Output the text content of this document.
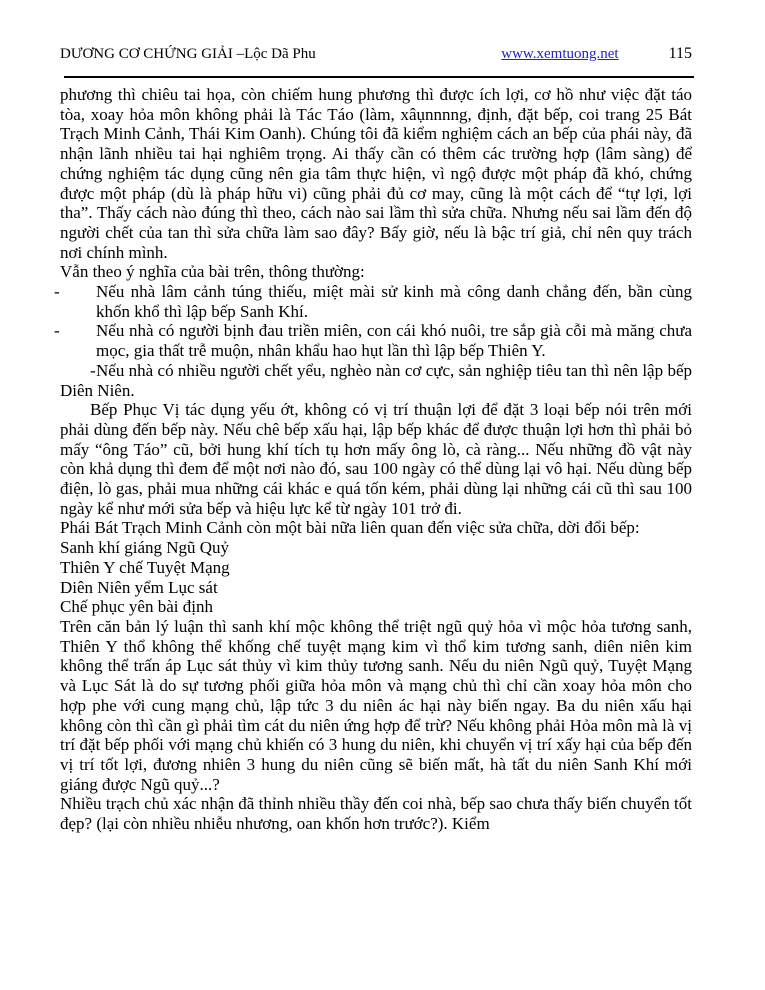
DƯƠNG CƠ CHỨNG GIẢI –Lộc Dã Phu	www.xemtuong.net	115

phương thì chiêu tai họa, còn chiếm hung phương thì được ích lợi, cơ hồ như việc đặt táo tòa, xoay hỏa môn không phải là Tác Táo (làm, xâụnnnng, định, đặt bếp, coi trang 25 Bát Trạch Minh Cảnh, Thái Kim Oanh). Chúng tôi đã kiểm nghiệm cách an bếp của phái này, đã nhận lãnh nhiều tai hại nghiêm trọng. Ai thấy cần có thêm các trường hợp (lâm sàng) để chứng nghiệm tác dụng cũng nên gia tâm thực hiện, vì ngộ được một pháp đã khó, chứng được một pháp (dù là pháp hữu vi) cũng phải đủ cơ may, cũng là một cách để “tự lợi, lợi tha”. Thấy cách nào đúng thì theo, cách nào sai lầm thì sửa chữa. Nhưng nếu sai lầm đến độ người chết của tan thì sửa chữa làm sao đây? Bấy giờ, nếu là bậc trí giả, chỉ nên quy trách nơi chính mình.

Vẫn theo ý nghĩa của bài trên, thông thường:

- Nếu nhà lâm cảnh túng thiếu, miệt mài sử kinh mà công danh chẳng đến, bần cùng khốn khổ thì lập bếp Sanh Khí.
- Nếu nhà có người bịnh đau triền miên, con cái khó nuôi, tre sắp già cỗi mà măng chưa mọc, gia thất trễ muộn, nhân khẩu hao hụt lần thì lập bếp Thiên Y.
-Nếu nhà có nhiều người chết yểu, nghèo nàn cơ cực, sản nghiệp tiêu tan thì nên lập bếp Diên Niên.

Bếp Phục Vị tác dụng yếu ớt, không có vị trí thuận lợi để đặt 3 loại bếp nói trên mới phải dùng đến bếp này. Nếu chê bếp xấu hại, lập bếp khác để được thuận lợi hơn thì phải bỏ mấy “ông Táo” cũ, bởi hung khí tích tụ hơn mấy ông lò, cà ràng... Nếu những đồ vật này còn khả dụng thì đem để một nơi nào đó, sau 100 ngày có thể dùng lại vô hại. Nếu dùng bếp điện, lò gas, phải mua những cái khác e quá tốn kém, phải dùng lại những cái cũ thì sau 100 ngày kể như mới sửa bếp và hiệu lực kể từ ngày 101 trở đi.

Phái Bát Trạch Minh Cảnh còn một bài nữa liên quan đến việc sửa chữa, dời đổi bếp:

Sanh khí giáng Ngũ Quỷ

Thiên Y chế Tuyệt Mạng

Diên Niên yểm Lục sát

Chế phục yên bài định

Trên căn bản lý luận thì sanh khí mộc không thể triệt ngũ quỷ hỏa vì mộc hỏa tương sanh, Thiên Y thổ không thể khống chế tuyệt mạng kim vì thổ kim tương sanh, diên niên kim không thể trấn áp Lục sát thủy vì kim thủy tương sanh. Nếu du niên Ngũ quỷ, Tuyệt Mạng và Lục Sát là do sự tương phối giữa hỏa môn và mạng chủ thì chỉ cần xoay hỏa môn cho hợp phe với cung mạng chủ, lập tức 3 du niên ác hại này biến ngay. Ba du niên xấu hại không còn thì cần gì phải tìm cát du niên ứng hợp để trừ? Nếu không phải Hỏa môn mà là vị trí đặt bếp phối với mạng chủ khiến có 3 hung du niên, khi chuyển vị trí xấy hại của bếp đến vị trí tốt lợi, đương nhiên 3 hung du niên cũng sẽ biến mất, hà tất du niên Sanh Khí mới giáng được Ngũ quỷ...?

Nhiều trạch chủ xác nhận đã thỉnh nhiều thầy đến coi nhà, bếp sao chưa thấy biến chuyển tốt đẹp? (lại còn nhiều nhiễu nhương, oan khốn hơn trước?). Kiểm
